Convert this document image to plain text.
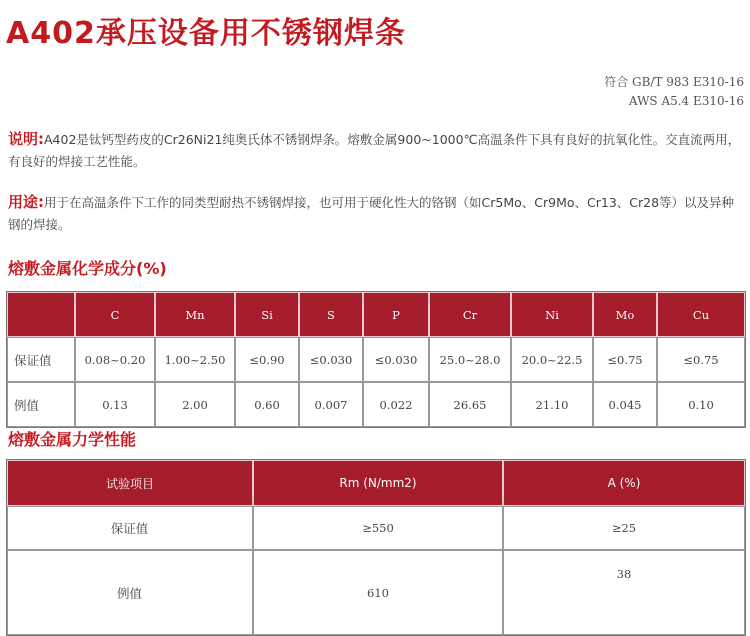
A402承压设备用不锈钢焊条
符合 GB/T 983 E310-16
AWS A5.4 E310-16
说明:A402是钛钙型药皮的Cr26Ni21纯奥氏体不锈钢焊条。熔敷金属900~1000℃高温条件下具有良好的抗氧化性。交直流两用，有良好的焊接工艺性能。
用途:用于在高温条件下工作的同类型耐热不锈钢焊接，也可用于硬化性大的铬钢（如Cr5Mo、Cr9Mo、Cr13、Cr28等）以及异种钢的焊接。
熔敷金属化学成分(%)
	C	Mn	Si	S	P	Cr	Ni	Mo	Cu
保证值	0.08~0.20	1.00~2.50	≤0.90	≤0.030	≤0.030	25.0~28.0	20.0~22.5	≤0.75	≤0.75
例值	0.13	2.00	0.60	0.007	0.022	26.65	21.10	0.045	0.10
熔敷金属力学性能
试验项目	Rm (N/mm2)	A (%)
保证值	≥550	≥25
例值	610	38
